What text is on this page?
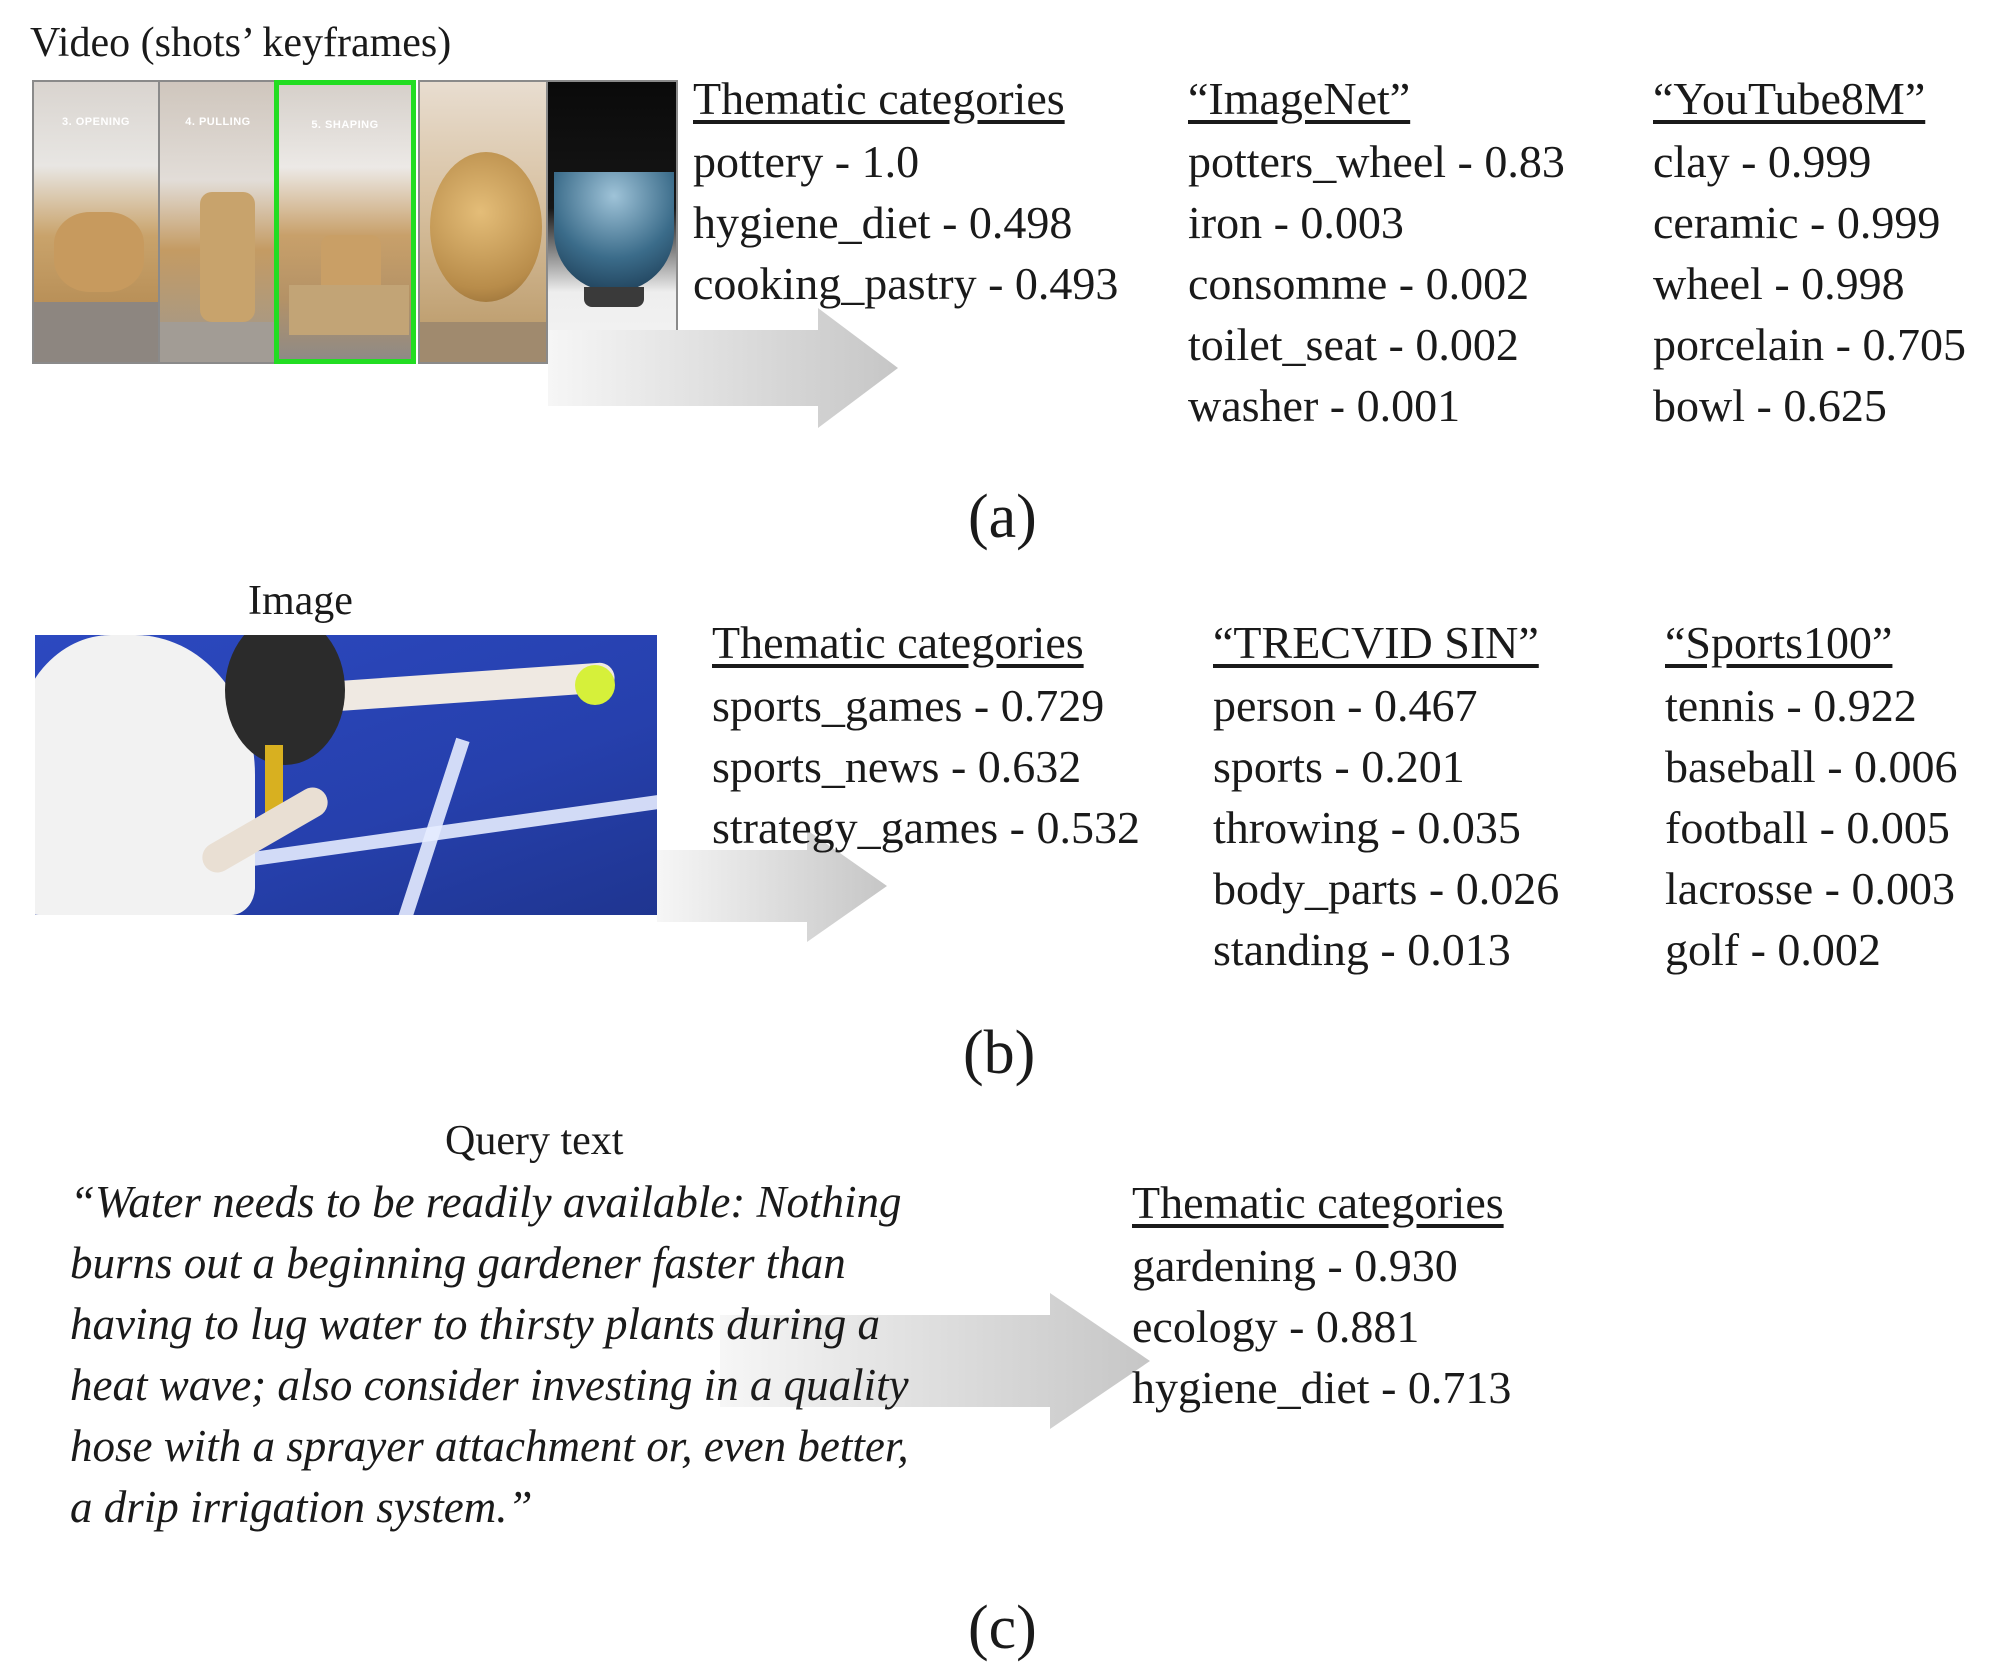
Video (shots’ keyframes)
3. OPENING	4. PULLING	5. SHAPING
Thematic categories
pottery - 1.0
hygiene_diet - 0.498
cooking_pastry - 0.493
“ImageNet”
potters_wheel - 0.83
iron - 0.003
consomme - 0.002
toilet_seat - 0.002
washer - 0.001
“YouTube8M”
clay - 0.999
ceramic - 0.999
wheel - 0.998
porcelain - 0.705
bowl - 0.625
(a)
Image
Thematic categories
sports_games - 0.729
sports_news - 0.632
strategy_games - 0.532
“TRECVID SIN”
person - 0.467
sports - 0.201
throwing - 0.035
body_parts - 0.026
standing - 0.013
“Sports100”
tennis - 0.922
baseball - 0.006
football - 0.005
lacrosse - 0.003
golf - 0.002
(b)
Query text
“Water needs to be readily available: Nothing
burns out a beginning gardener faster than
having to lug water to thirsty plants during a
heat wave; also consider investing in a quality
hose with a sprayer attachment or, even better,
a drip irrigation system.”
Thematic categories
gardening - 0.930
ecology - 0.881
hygiene_diet - 0.713
(c)
